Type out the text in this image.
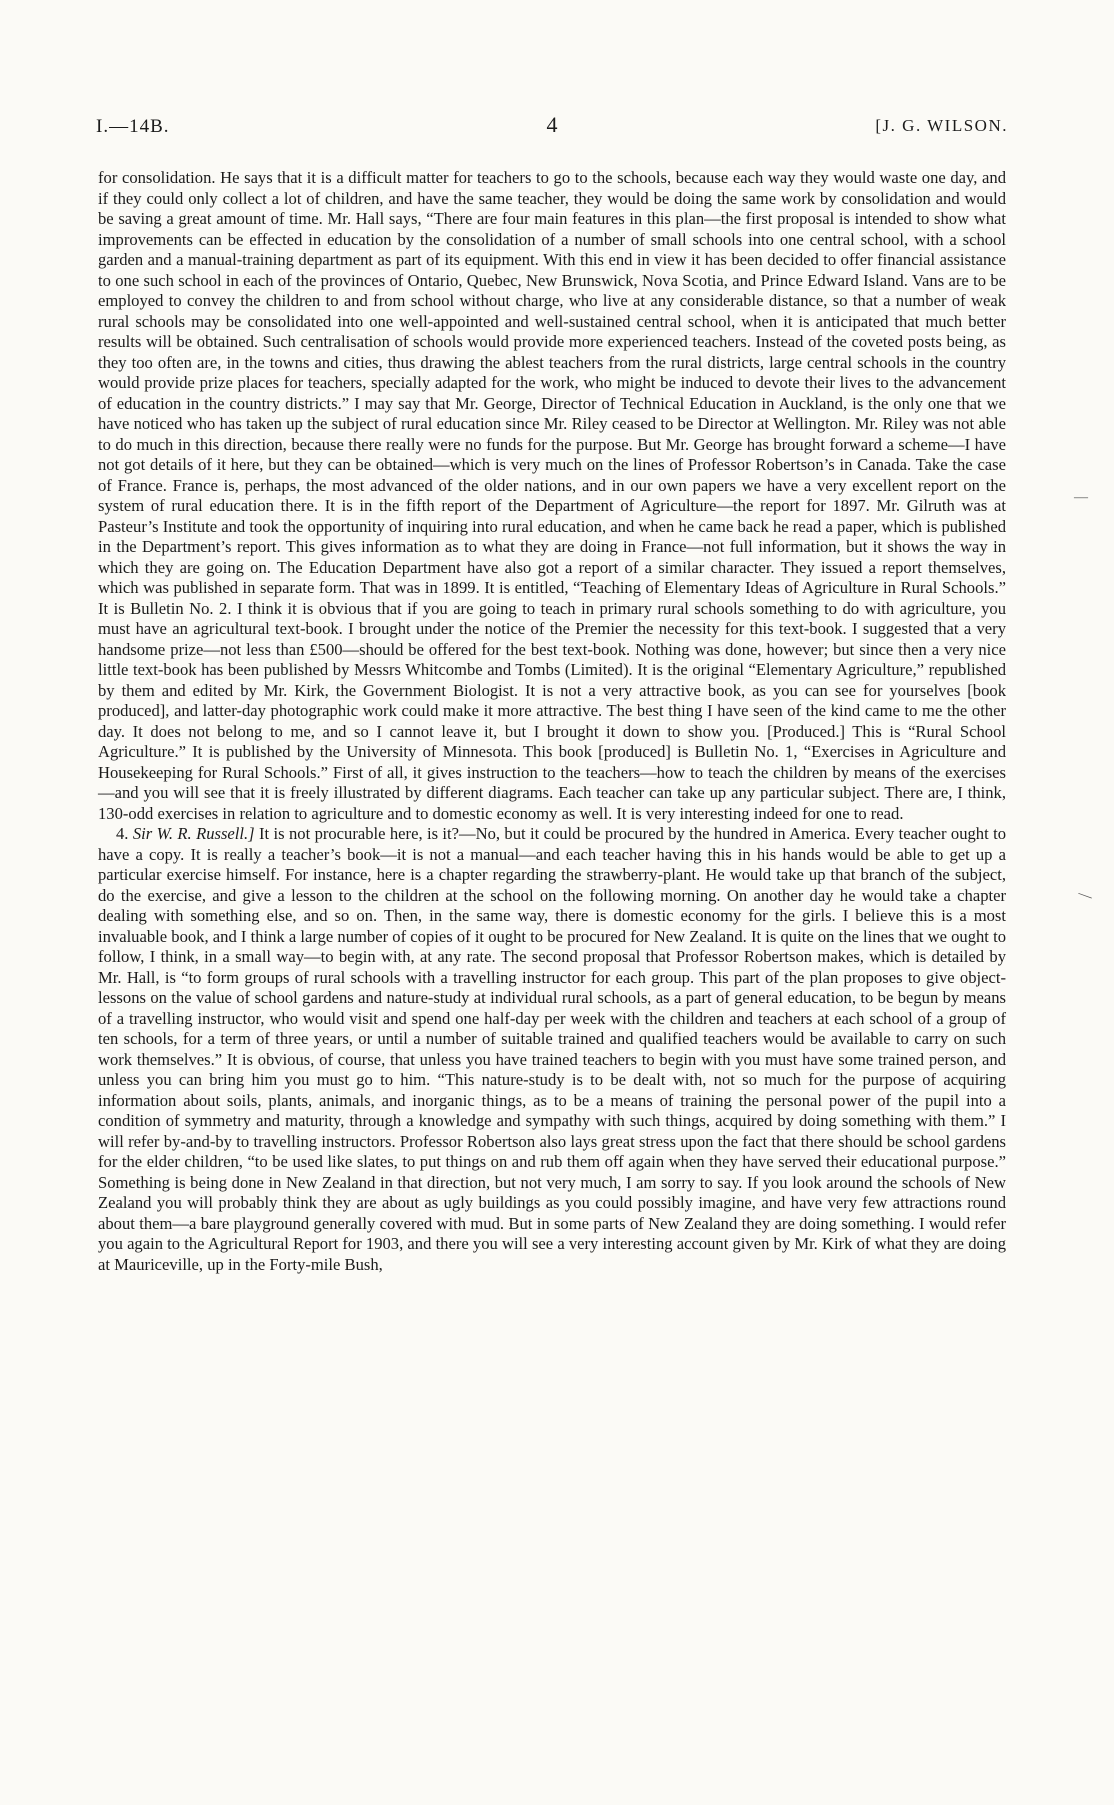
I.—14B.	4	[J. G. WILSON.

for consolidation. He says that it is a difficult matter for teachers to go to the schools, because each way they would waste one day, and if they could only collect a lot of children, and have the same teacher, they would be doing the same work by consolidation and would be saving a great amount of time. Mr. Hall says, “There are four main features in this plan—the first proposal is intended to show what improvements can be effected in education by the consolidation of a number of small schools into one central school, with a school garden and a manual-training department as part of its equipment. With this end in view it has been decided to offer financial assistance to one such school in each of the provinces of Ontario, Quebec, New Brunswick, Nova Scotia, and Prince Edward Island. Vans are to be employed to convey the children to and from school without charge, who live at any considerable distance, so that a number of weak rural schools may be consolidated into one well-appointed and well-sustained central school, when it is anticipated that much better results will be obtained. Such centralisation of schools would provide more experienced teachers. Instead of the coveted posts being, as they too often are, in the towns and cities, thus drawing the ablest teachers from the rural districts, large central schools in the country would provide prize places for teachers, specially adapted for the work, who might be induced to devote their lives to the advancement of education in the country districts.” I may say that Mr. George, Director of Technical Education in Auckland, is the only one that we have noticed who has taken up the subject of rural education since Mr. Riley ceased to be Director at Wellington. Mr. Riley was not able to do much in this direction, because there really were no funds for the purpose. But Mr. George has brought forward a scheme—I have not got details of it here, but they can be obtained—which is very much on the lines of Professor Robertson’s in Canada. Take the case of France. France is, perhaps, the most advanced of the older nations, and in our own papers we have a very excellent report on the system of rural education there. It is in the fifth report of the Department of Agriculture—the report for 1897. Mr. Gilruth was at Pasteur’s Institute and took the opportunity of inquiring into rural education, and when he came back he read a paper, which is published in the Department’s report. This gives information as to what they are doing in France—not full information, but it shows the way in which they are going on. The Education Department have also got a report of a similar character. They issued a report themselves, which was published in separate form. That was in 1899. It is entitled, “Teaching of Elementary Ideas of Agriculture in Rural Schools.” It is Bulletin No. 2. I think it is obvious that if you are going to teach in primary rural schools something to do with agriculture, you must have an agricultural text-book. I brought under the notice of the Premier the necessity for this text-book. I suggested that a very handsome prize—not less than £500—should be offered for the best text-book. Nothing was done, however; but since then a very nice little text-book has been published by Messrs Whitcombe and Tombs (Limited). It is the original “Elementary Agriculture,” republished by them and edited by Mr. Kirk, the Government Biologist. It is not a very attractive book, as you can see for yourselves [book produced], and latter-day photographic work could make it more attractive. The best thing I have seen of the kind came to me the other day. It does not belong to me, and so I cannot leave it, but I brought it down to show you. [Produced.] This is “Rural School Agriculture.” It is published by the University of Minnesota. This book [produced] is Bulletin No. 1, “Exercises in Agriculture and Housekeeping for Rural Schools.” First of all, it gives instruction to the teachers—how to teach the children by means of the exercises—and you will see that it is freely illustrated by different diagrams. Each teacher can take up any particular subject. There are, I think, 130-odd exercises in relation to agriculture and to domestic economy as well. It is very interesting indeed for one to read.

4. Sir W. R. Russell.] It is not procurable here, is it?—No, but it could be procured by the hundred in America. Every teacher ought to have a copy. It is really a teacher’s book—it is not a manual—and each teacher having this in his hands would be able to get up a particular exercise himself. For instance, here is a chapter regarding the strawberry-plant. He would take up that branch of the subject, do the exercise, and give a lesson to the children at the school on the following morning. On another day he would take a chapter dealing with something else, and so on. Then, in the same way, there is domestic economy for the girls. I believe this is a most invaluable book, and I think a large number of copies of it ought to be procured for New Zealand. It is quite on the lines that we ought to follow, I think, in a small way—to begin with, at any rate. The second proposal that Professor Robertson makes, which is detailed by Mr. Hall, is “to form groups of rural schools with a travelling instructor for each group. This part of the plan proposes to give object-lessons on the value of school gardens and nature-study at individual rural schools, as a part of general education, to be begun by means of a travelling instructor, who would visit and spend one half-day per week with the children and teachers at each school of a group of ten schools, for a term of three years, or until a number of suitable trained and qualified teachers would be available to carry on such work themselves.” It is obvious, of course, that unless you have trained teachers to begin with you must have some trained person, and unless you can bring him you must go to him. “This nature-study is to be dealt with, not so much for the purpose of acquiring information about soils, plants, animals, and inorganic things, as to be a means of training the personal power of the pupil into a condition of symmetry and maturity, through a knowledge and sympathy with such things, acquired by doing something with them.” I will refer by-and-by to travelling instructors. Professor Robertson also lays great stress upon the fact that there should be school gardens for the elder children, “to be used like slates, to put things on and rub them off again when they have served their educational purpose.” Something is being done in New Zealand in that direction, but not very much, I am sorry to say. If you look around the schools of New Zealand you will probably think they are about as ugly buildings as you could possibly imagine, and have very few attractions round about them—a bare playground generally covered with mud. But in some parts of New Zealand they are doing something. I would refer you again to the Agricultural Report for 1903, and there you will see a very interesting account given by Mr. Kirk of what they are doing at Mauriceville, up in the Forty-mile Bush,

—
—
